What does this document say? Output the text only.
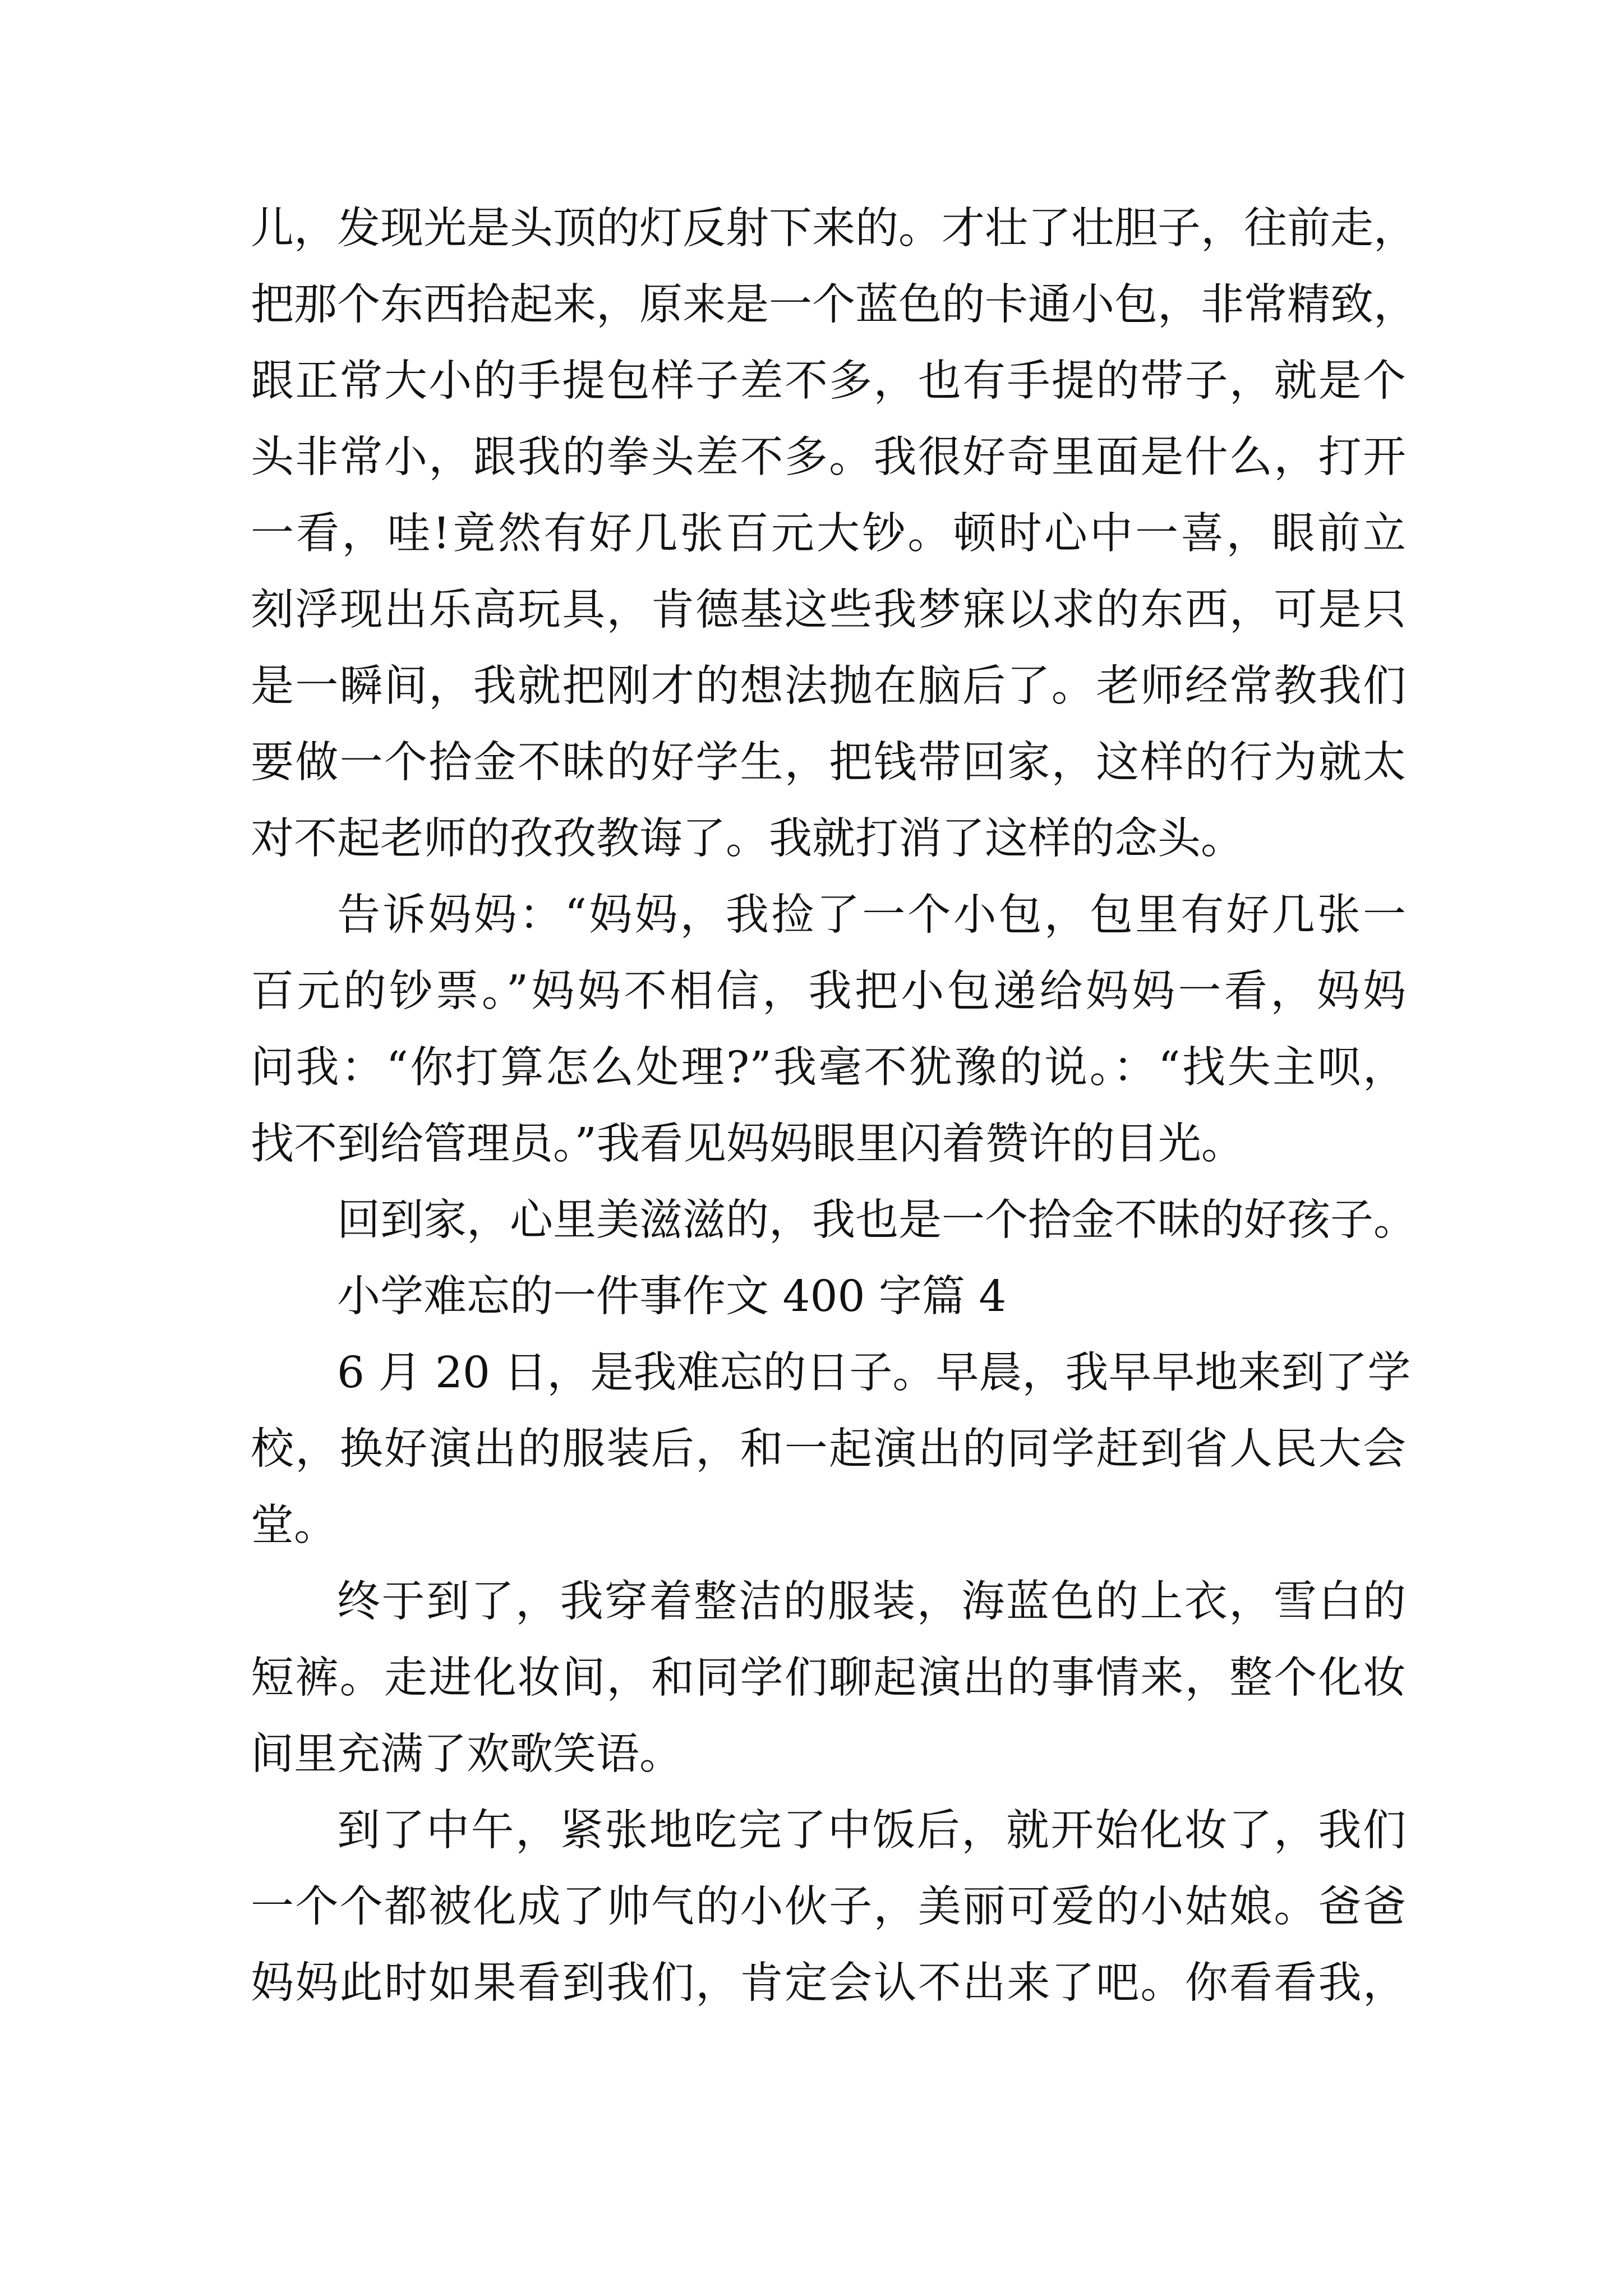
儿，发现光是头顶的灯反射下来的。才壮了壮胆子，往前走，
把那个东西拾起来，原来是一个蓝色的卡通小包，非常精致，
跟正常大小的手提包样子差不多，也有手提的带子，就是个
头非常小，跟我的拳头差不多。我很好奇里面是什么，打开
一看，哇!竟然有好几张百元大钞。顿时心中一喜，眼前立
刻浮现出乐高玩具，肯德基这些我梦寐以求的东西，可是只
是一瞬间，我就把刚才的想法抛在脑后了。老师经常教我们
要做一个拾金不昧的好学生，把钱带回家，这样的行为就太
对不起老师的孜孜教诲了。我就打消了这样的念头。
告诉妈妈：“妈妈，我捡了一个小包，包里有好几张一
百元的钞票。”妈妈不相信，我把小包递给妈妈一看，妈妈
问我：“你打算怎么处理?”我毫不犹豫的说。：“找失主呗，
找不到给管理员。”我看见妈妈眼里闪着赞许的目光。
回到家，心里美滋滋的，我也是一个拾金不昧的好孩子。
小学难忘的一件事作文 400 字篇 4
6 月 20 日，是我难忘的日子。早晨，我早早地来到了学
校，换好演出的服装后，和一起演出的同学赶到省人民大会
堂。
终于到了，我穿着整洁的服装，海蓝色的上衣，雪白的
短裤。走进化妆间，和同学们聊起演出的事情来，整个化妆
间里充满了欢歌笑语。
到了中午，紧张地吃完了中饭后，就开始化妆了，我们
一个个都被化成了帅气的小伙子，美丽可爱的小姑娘。爸爸
妈妈此时如果看到我们，肯定会认不出来了吧。你看看我，
